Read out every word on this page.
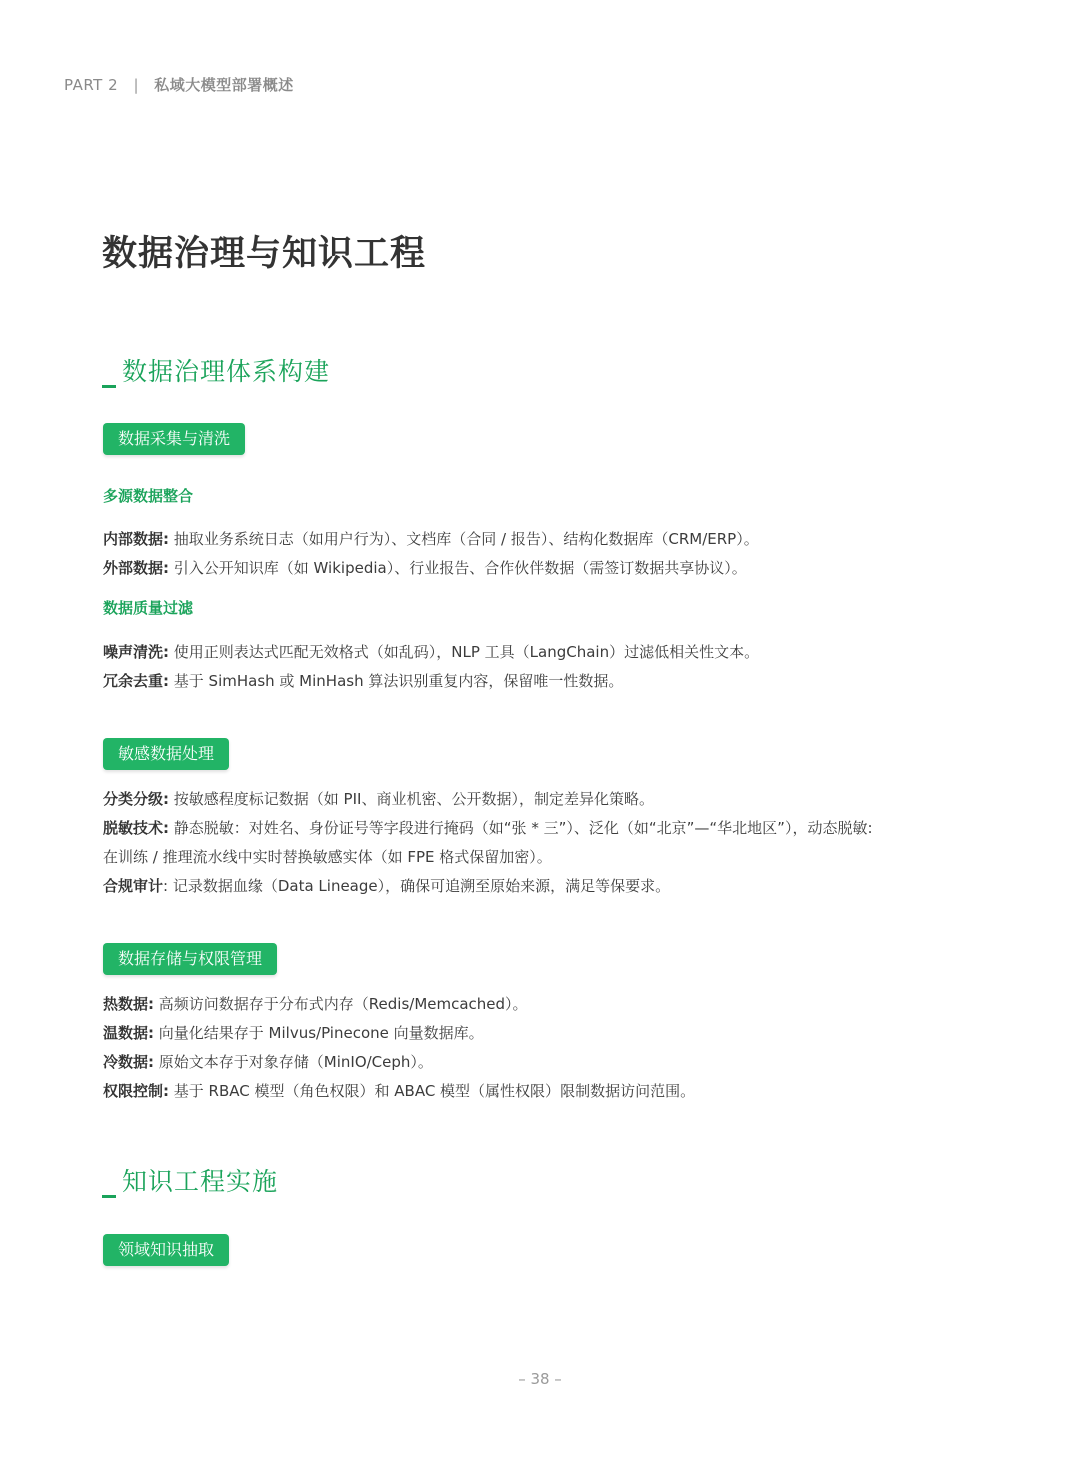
PART 2 | 私域大模型部署概述
数据治理与知识工程
数据治理体系构建
数据采集与清洗
多源数据整合
内部数据: 抽取业务系统日志（如用户行为）、文档库（合同 / 报告）、结构化数据库（CRM/ERP）。
外部数据: 引入公开知识库（如 Wikipedia）、行业报告、合作伙伴数据（需签订数据共享协议）。
数据质量过滤
噪声清洗: 使用正则表达式匹配无效格式（如乱码），NLP 工具（LangChain）过滤低相关性文本。
冗余去重: 基于 SimHash 或 MinHash 算法识别重复内容，保留唯一性数据。
敏感数据处理
分类分级: 按敏感程度标记数据（如 PII、商业机密、公开数据），制定差异化策略。
脱敏技术: 静态脱敏：对姓名、身份证号等字段进行掩码（如“张 * 三”）、泛化（如“北京”—“华北地区”），动态脱敏:
在训练 / 推理流水线中实时替换敏感实体（如 FPE 格式保留加密）。
合规审计: 记录数据血缘（Data Lineage），确保可追溯至原始来源，满足等保要求。
数据存储与权限管理
热数据: 高频访问数据存于分布式内存（Redis/Memcached）。
温数据: 向量化结果存于 Milvus/Pinecone 向量数据库。
冷数据: 原始文本存于对象存储（MinIO/Ceph）。
权限控制: 基于 RBAC 模型（角色权限）和 ABAC 模型（属性权限）限制数据访问范围。
知识工程实施
领域知识抽取
– 38 –
